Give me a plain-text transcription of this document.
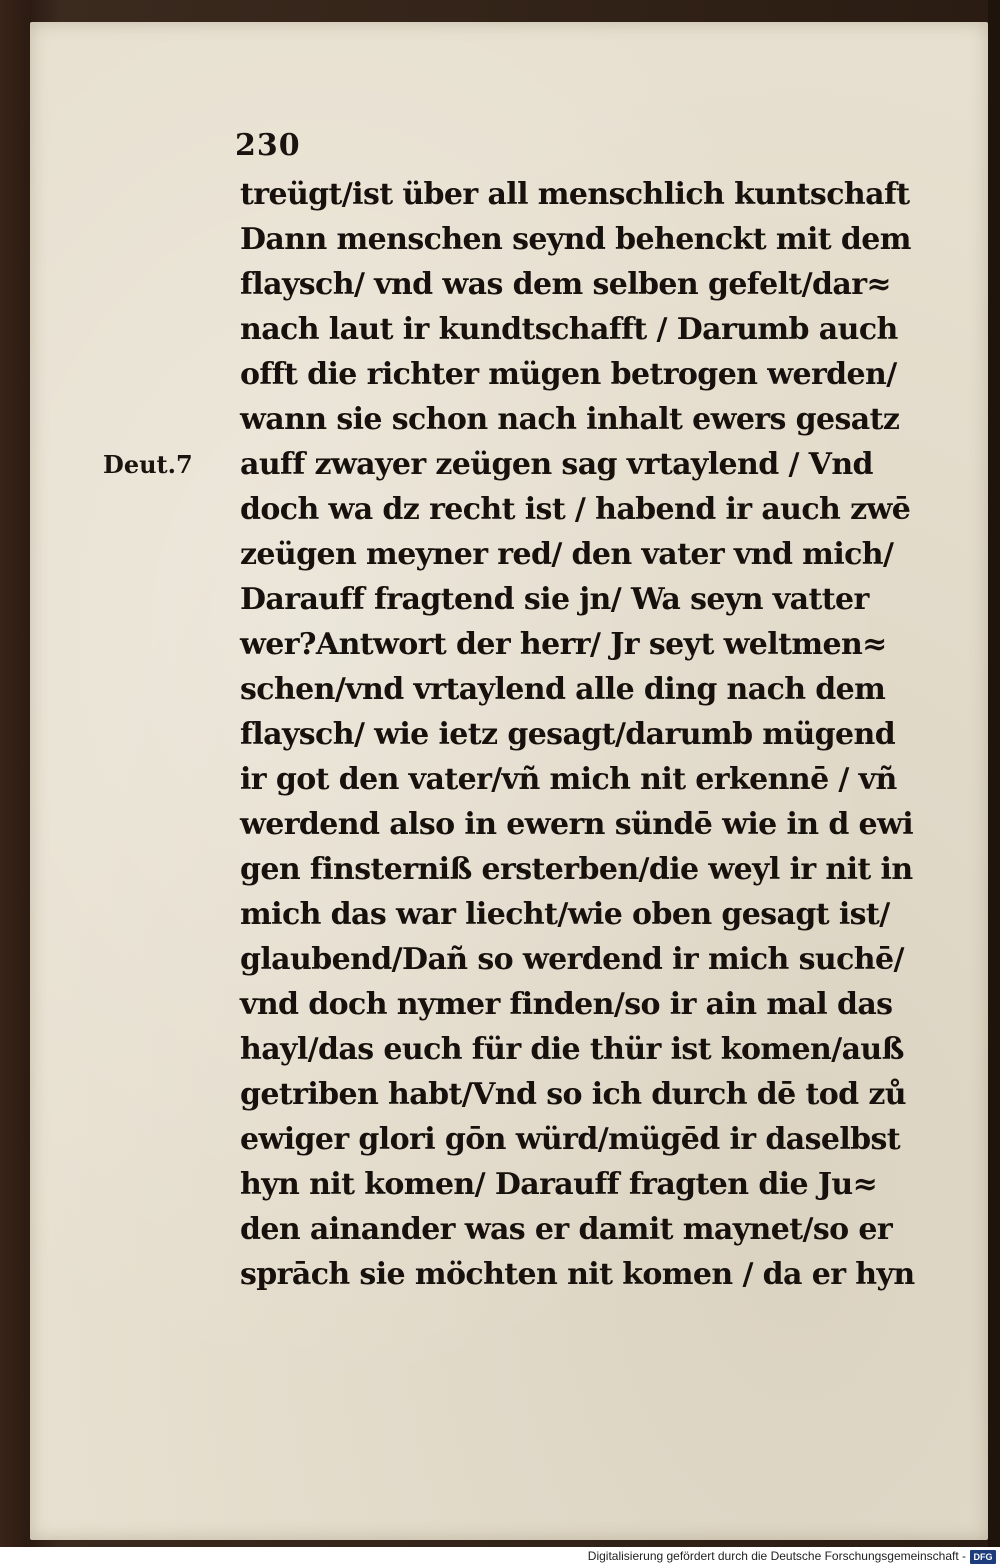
230
Deut.7
treügt/ist über all menschlich kuntschaft
Dann menschen seynd behenckt mit dem
flaysch/ vnd was dem selben gefelt/dar≈
nach laut ir kundtschafft / Darumb auch
offt die richter mügen betrogen werden/
wann sie schon nach inhalt ewers gesatz
auff zwayer zeügen sag vrtaylend / Vnd
doch wa dz recht ist / habend ir auch zwē
zeügen meyner red/ den vater vnd mich/
Darauff fragtend sie jn/ Wa seyn vatter
wer?Antwort der herr/ Jr seyt weltmen≈
schen/vnd vrtaylend alle ding nach dem
flaysch/ wie ietz gesagt/darumb mügend
ir got den vater/vñ mich nit erkennē / vñ
werdend also in ewern sündē wie in d ewi
gen finsterniß ersterben/die weyl ir nit in
mich das war liecht/wie oben gesagt ist/
glaubend/Dañ so werdend ir mich suchē/
vnd doch nymer finden/so ir ain mal das
hayl/das euch für die thür ist komen/auß
getriben habt/Vnd so ich durch dē tod zů
ewiger glori gōn würd/mügēd ir daselbst
hyn nit komen/ Darauff fragten die Ju≈
den ainander was er damit maynet/so er
sprāch sie möchten nit komen / da er hyn
Digitalisierung gefördert durch die Deutsche Forschungsgemeinschaft - DFG
